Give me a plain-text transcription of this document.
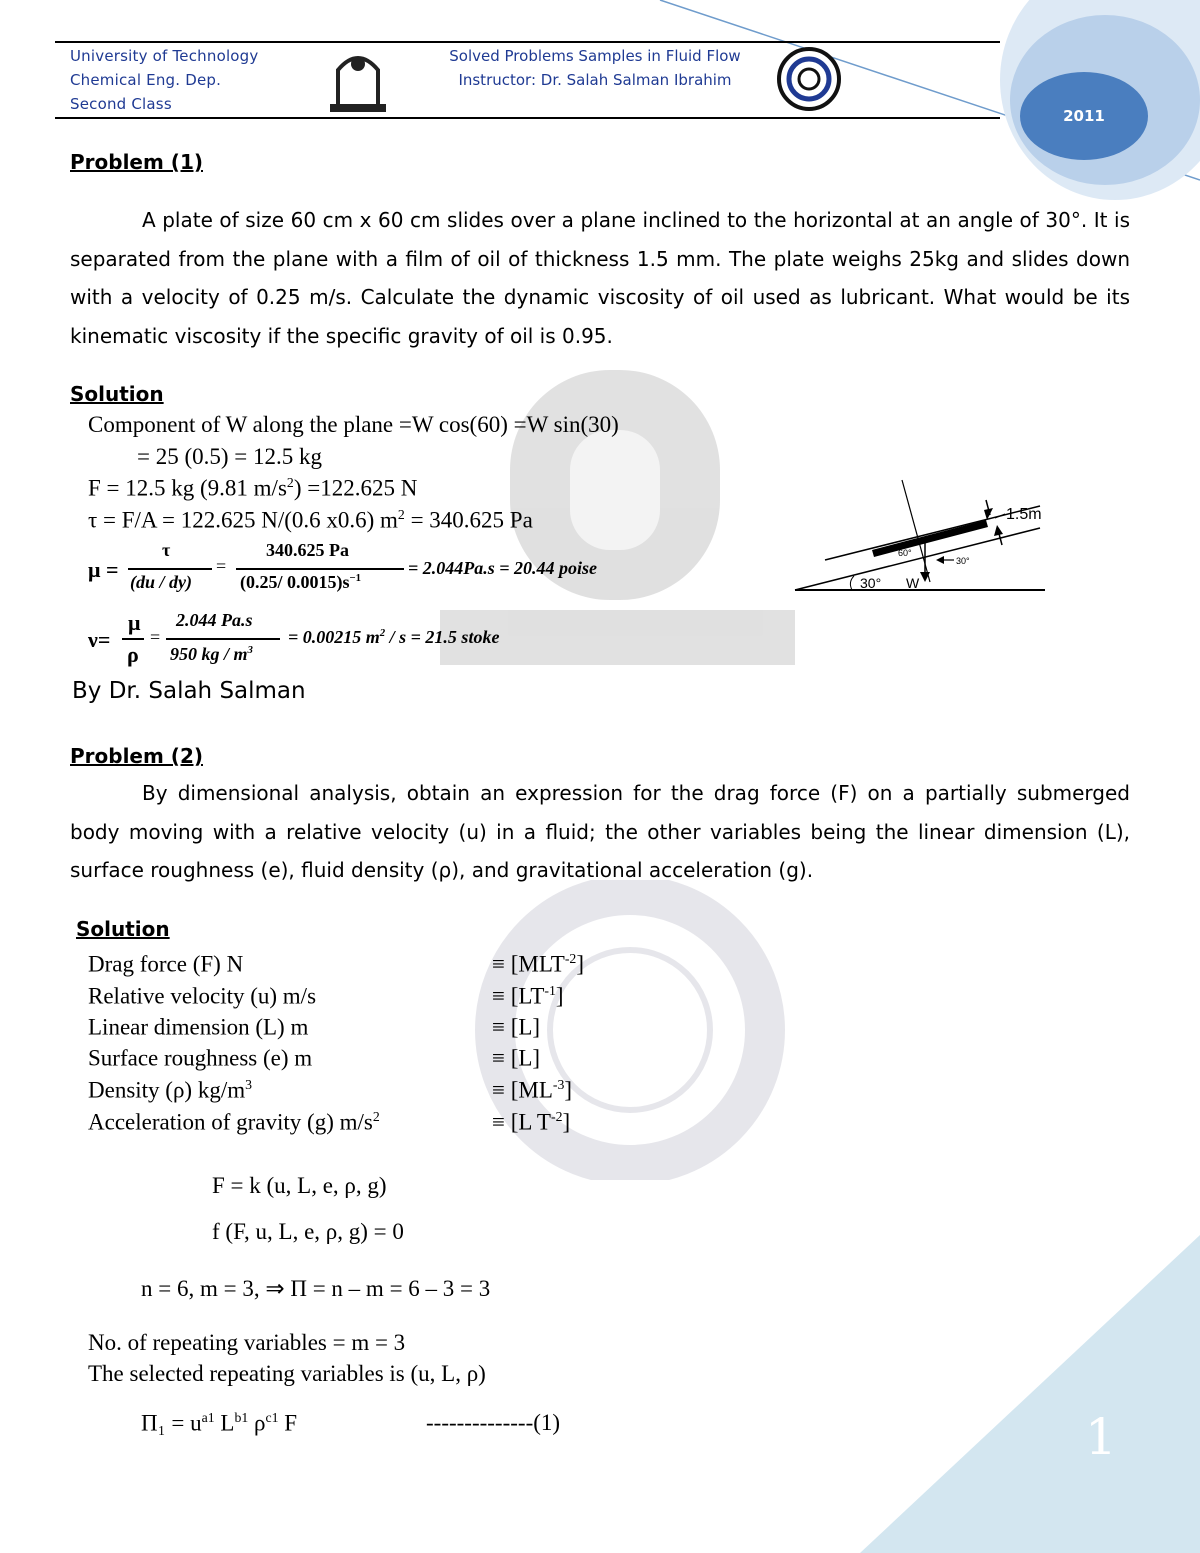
2011
1
University of Technology
Chemical Eng. Dep.
Second Class
Solved Problems Samples in Fluid Flow
Instructor: Dr. Salah Salman Ibrahim
Problem (1)
A plate of size 60 cm x 60 cm slides over a plane inclined to the horizontal at an angle of 30°. It is separated from the plane with a film of oil of thickness 1.5 mm. The plate weighs 25kg and slides down with a velocity of 0.25 m/s. Calculate the dynamic viscosity of oil used as lubricant. What would be its kinematic viscosity if the specific gravity of oil is 0.95.
Solution
Component of W along the plane =W cos(60) =W sin(30)
= 25 (0.5) = 12.5 kg
F = 12.5 kg (9.81 $m/s^2) =122.625$ N
τ = F/A = 122.625 N/(0.6 x0.6) $m^2 = 340.625$ Pa
μ =
τ
(du / dy)
=
340.625 Pa
(0.25/ $0.0015)s^{-1}$	= 2.044Pa.s = 20.44 poise
ν=
μ
ρ
=
2.044 Pa.s
950 kg / $m^3$
= 0.00215 $m^2 / s = 21.5$ stoke
1.5m
60°
30°
30° W
By Dr. Salah Salman
Problem (2)
By dimensional analysis, obtain an expression for the drag force (F) on a partially submerged body moving with a relative velocity (u) in a fluid; the other variables being the linear dimension (L), surface roughness (e), fluid density (ρ), and gravitational acceleration (g).
Solution
Drag force (F) N	≡ $[MLT^{-2}]$
Relative velocity (u) m/s	≡ $[LT^{-1}]$
Linear dimension (L) m	≡ [L]
Surface roughness (e) m	≡ [L]
Density (ρ) $kg/m^3$	≡ $[ML^{-3}]$
Acceleration of gravity (g) $m/s^2$	≡ [L $T^{-2}$]
F = k (u, L, e, ρ, g)
f (F, u, L, e, ρ, g) = 0
n = 6, m = 3, ⇒ Π = n – m = 6 – 3 = 3
No. of repeating variables = m = 3
The selected repeating variables is (u, L, ρ)
$\Pi_1 = u^{a1}$ $L^{b1}$ $\rho^{c1}$ F	--------------(1)
